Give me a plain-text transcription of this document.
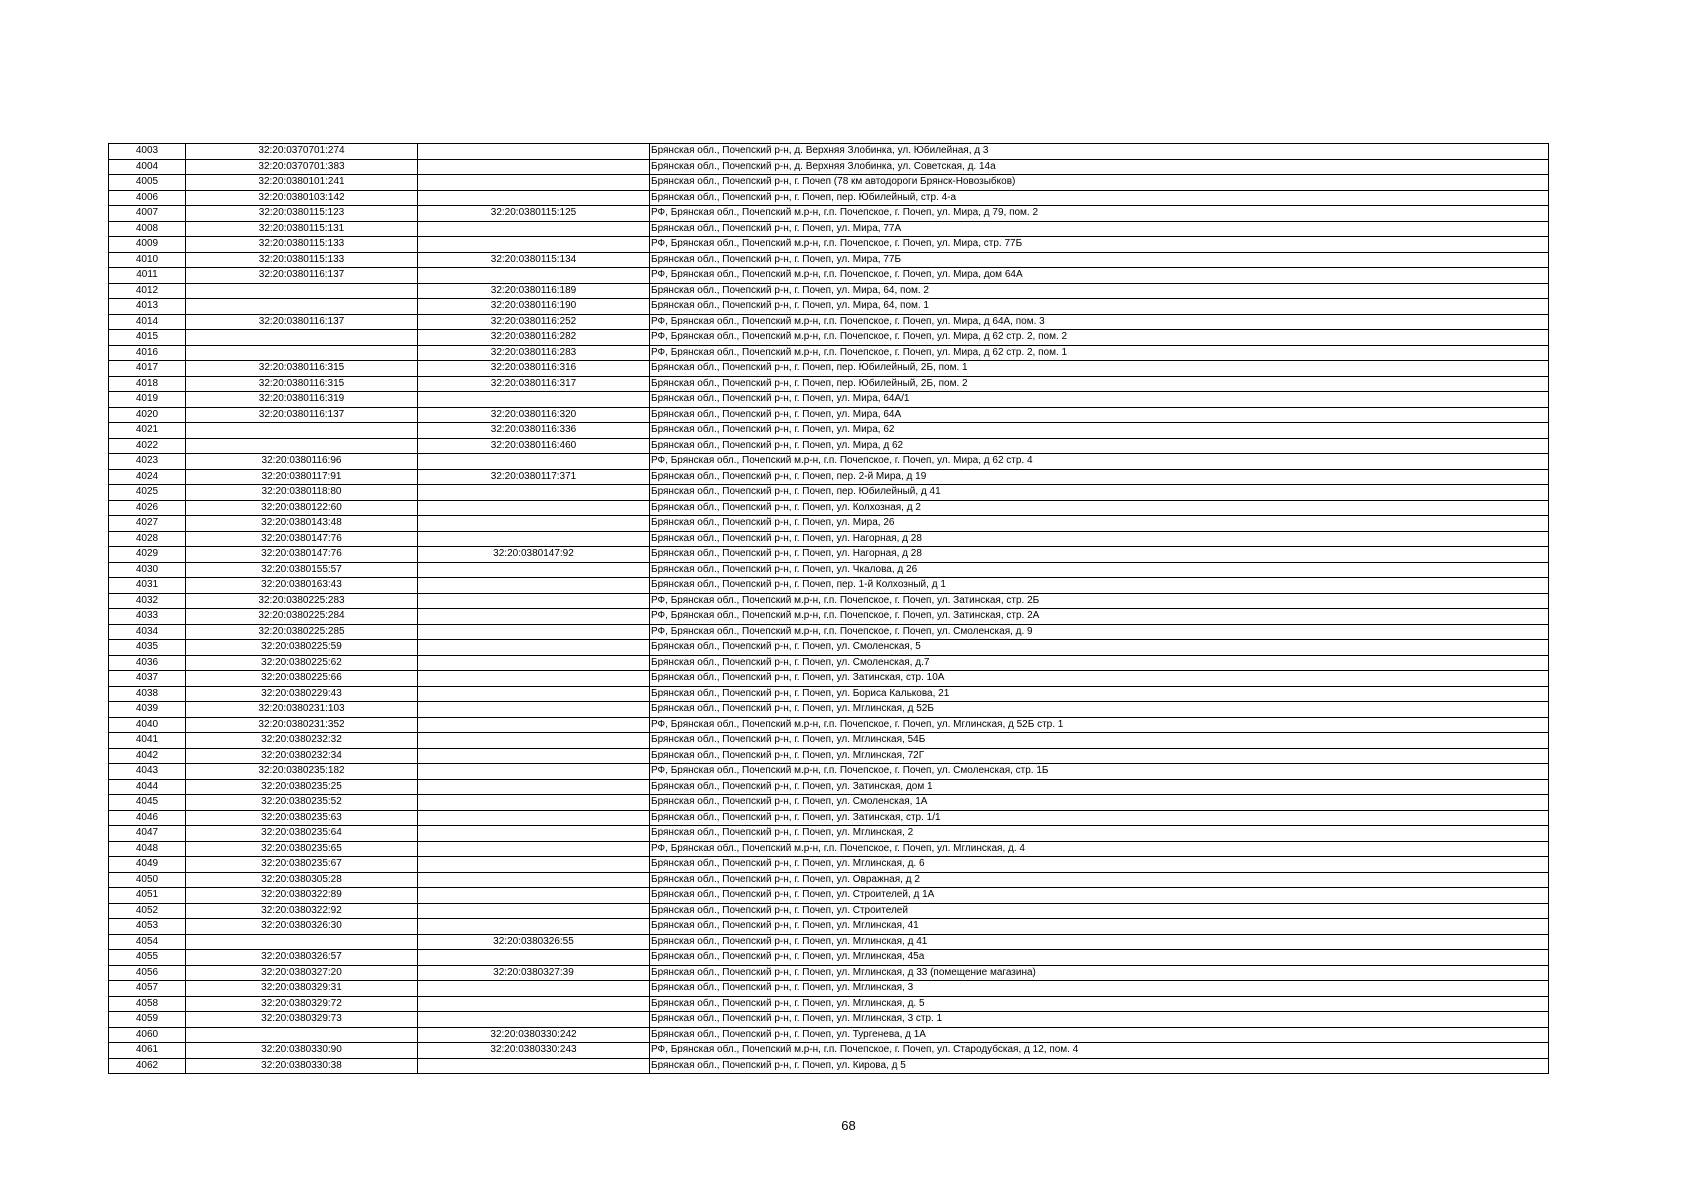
4003	32:20:0370701:274		Брянская обл., Почепский р-н, д. Верхняя Злобинка, ул. Юбилейная, д 3
4004	32:20:0370701:383		Брянская обл., Почепский р-н, д. Верхняя Злобинка, ул. Советская, д. 14а
4005	32:20:0380101:241		Брянская обл., Почепский р-н, г. Почеп (78 км автодороги Брянск-Новозыбков)
4006	32:20:0380103:142		Брянская обл., Почепский р-н, г. Почеп, пер. Юбилейный, стр. 4-а
4007	32:20:0380115:123	32:20:0380115:125	РФ, Брянская обл., Почепский м.р-н, г.п. Почепское, г. Почеп, ул. Мира, д 79, пом. 2
4008	32:20:0380115:131		Брянская обл., Почепский р-н, г. Почеп, ул. Мира, 77А
4009	32:20:0380115:133		РФ, Брянская обл., Почепский м.р-н, г.п. Почепское, г. Почеп, ул. Мира, стр. 77Б
4010	32:20:0380115:133	32:20:0380115:134	Брянская обл., Почепский р-н, г. Почеп, ул. Мира, 77Б
4011	32:20:0380116:137		РФ, Брянская обл., Почепский м.р-н, г.п. Почепское, г. Почеп, ул. Мира, дом 64А
4012		32:20:0380116:189	Брянская обл., Почепский р-н, г. Почеп, ул. Мира, 64, пом. 2
4013		32:20:0380116:190	Брянская обл., Почепский р-н, г. Почеп, ул. Мира, 64, пом. 1
4014	32:20:0380116:137	32:20:0380116:252	РФ, Брянская обл., Почепский м.р-н, г.п. Почепское, г. Почеп, ул. Мира, д 64А, пом. 3
4015		32:20:0380116:282	РФ, Брянская обл., Почепский м.р-н, г.п. Почепское, г. Почеп, ул. Мира, д 62 стр. 2, пом. 2
4016		32:20:0380116:283	РФ, Брянская обл., Почепский м.р-н, г.п. Почепское, г. Почеп, ул. Мира, д 62 стр. 2, пом. 1
4017	32:20:0380116:315	32:20:0380116:316	Брянская обл., Почепский р-н, г. Почеп, пер. Юбилейный, 2Б, пом. 1
4018	32:20:0380116:315	32:20:0380116:317	Брянская обл., Почепский р-н, г. Почеп, пер. Юбилейный, 2Б, пом. 2
4019	32:20:0380116:319		Брянская обл., Почепский р-н, г. Почеп, ул. Мира, 64А/1
4020	32:20:0380116:137	32:20:0380116:320	Брянская обл., Почепский р-н, г. Почеп, ул. Мира, 64А
4021		32:20:0380116:336	Брянская обл., Почепский р-н, г. Почеп, ул. Мира, 62
4022		32:20:0380116:460	Брянская обл., Почепский р-н, г. Почеп, ул. Мира, д 62
4023	32:20:0380116:96		РФ, Брянская обл., Почепский м.р-н, г.п. Почепское, г. Почеп, ул. Мира, д 62 стр. 4
4024	32:20:0380117:91	32:20:0380117:371	Брянская обл., Почепский р-н, г. Почеп, пер. 2-й Мира, д 19
4025	32:20:0380118:80		Брянская обл., Почепский р-н, г. Почеп, пер. Юбилейный, д 41
4026	32:20:0380122:60		Брянская обл., Почепский р-н, г. Почеп, ул. Колхозная, д 2
4027	32:20:0380143:48		Брянская обл., Почепский р-н, г. Почеп, ул. Мира, 26
4028	32:20:0380147:76		Брянская обл., Почепский р-н, г. Почеп, ул. Нагорная, д 28
4029	32:20:0380147:76	32:20:0380147:92	Брянская обл., Почепский р-н, г. Почеп, ул. Нагорная, д 28
4030	32:20:0380155:57		Брянская обл., Почепский р-н, г. Почеп, ул. Чкалова, д 26
4031	32:20:0380163:43		Брянская обл., Почепский р-н, г. Почеп, пер. 1-й Колхозный, д 1
4032	32:20:0380225:283		РФ, Брянская обл., Почепский м.р-н, г.п. Почепское, г. Почеп, ул. Затинская, стр. 2Б
4033	32:20:0380225:284		РФ, Брянская обл., Почепский м.р-н, г.п. Почепское, г. Почеп, ул. Затинская, стр. 2А
4034	32:20:0380225:285		РФ, Брянская обл., Почепский м.р-н, г.п. Почепское, г. Почеп, ул. Смоленская, д. 9
4035	32:20:0380225:59		Брянская обл., Почепский р-н, г. Почеп, ул. Смоленская, 5
4036	32:20:0380225:62		Брянская обл., Почепский р-н, г. Почеп, ул. Смоленская, д.7
4037	32:20:0380225:66		Брянская обл., Почепский р-н, г. Почеп, ул. Затинская, стр. 10А
4038	32:20:0380229:43		Брянская обл., Почепский р-н, г. Почеп, ул. Бориса Калькова, 21
4039	32:20:0380231:103		Брянская обл., Почепский р-н, г. Почеп, ул. Мглинская, д 52Б
4040	32:20:0380231:352		РФ, Брянская обл., Почепский м.р-н, г.п. Почепское, г. Почеп, ул. Мглинская, д 52Б стр. 1
4041	32:20:0380232:32		Брянская обл., Почепский р-н, г. Почеп, ул. Мглинская, 54Б
4042	32:20:0380232:34		Брянская обл., Почепский р-н, г. Почеп, ул. Мглинская, 72Г
4043	32:20:0380235:182		РФ, Брянская обл., Почепский м.р-н, г.п. Почепское, г. Почеп, ул. Смоленская, стр. 1Б
4044	32:20:0380235:25		Брянская обл., Почепский р-н, г. Почеп, ул. Затинская, дом 1
4045	32:20:0380235:52		Брянская обл., Почепский р-н, г. Почеп, ул. Смоленская, 1А
4046	32:20:0380235:63		Брянская обл., Почепский р-н, г. Почеп, ул. Затинская, стр. 1/1
4047	32:20:0380235:64		Брянская обл., Почепский р-н, г. Почеп, ул. Мглинская, 2
4048	32:20:0380235:65		РФ, Брянская обл., Почепский м.р-н, г.п. Почепское, г. Почеп, ул. Мглинская, д. 4
4049	32:20:0380235:67		Брянская обл., Почепский р-н, г. Почеп, ул. Мглинская, д. 6
4050	32:20:0380305:28		Брянская обл., Почепский р-н, г. Почеп, ул. Овражная, д 2
4051	32:20:0380322:89		Брянская обл., Почепский р-н, г. Почеп, ул. Строителей, д 1А
4052	32:20:0380322:92		Брянская обл., Почепский р-н, г. Почеп, ул. Строителей
4053	32:20:0380326:30		Брянская обл., Почепский р-н, г. Почеп, ул. Мглинская, 41
4054		32:20:0380326:55	Брянская обл., Почепский р-н, г. Почеп, ул. Мглинская, д 41
4055	32:20:0380326:57		Брянская обл., Почепский р-н, г. Почеп, ул. Мглинская, 45а
4056	32:20:0380327:20	32:20:0380327:39	Брянская обл., Почепский р-н, г. Почеп, ул. Мглинская, д 33 (помещение магазина)
4057	32:20:0380329:31		Брянская обл., Почепский р-н, г. Почеп, ул. Мглинская, 3
4058	32:20:0380329:72		Брянская обл., Почепский р-н, г. Почеп, ул. Мглинская, д. 5
4059	32:20:0380329:73		Брянская обл., Почепский р-н, г. Почеп, ул. Мглинская, 3 стр. 1
4060		32:20:0380330:242	Брянская обл., Почепский р-н, г. Почеп, ул. Тургенева, д 1А
4061	32:20:0380330:90	32:20:0380330:243	РФ, Брянская обл., Почепский м.р-н, г.п. Почепское, г. Почеп, ул. Стародубская, д 12, пом. 4
4062	32:20:0380330:38		Брянская обл., Почепский р-н, г. Почеп, ул. Кирова, д 5
68
